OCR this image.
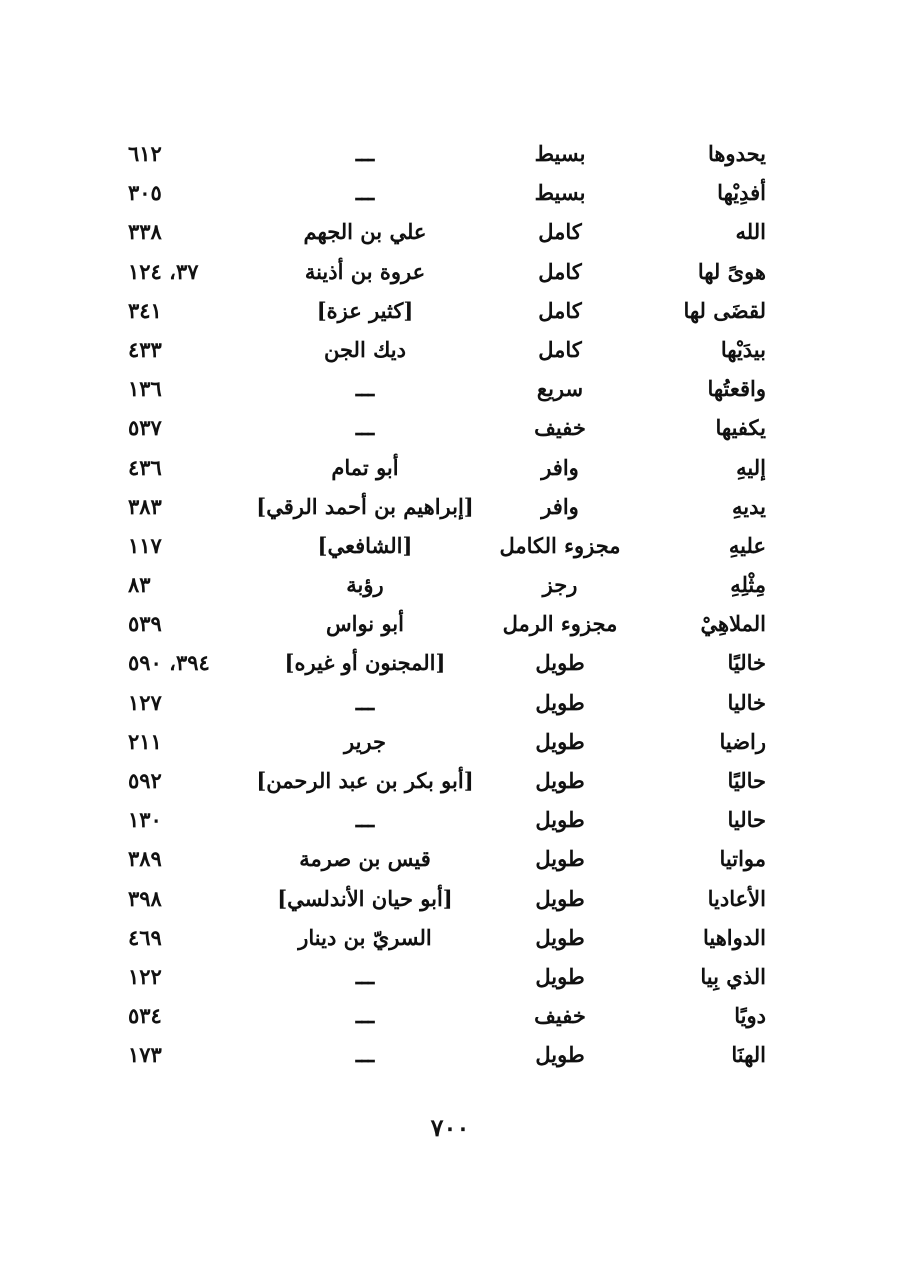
يحدوها
بسيط
ـــ
٦١٢
أفدِيْها
بسيط
ـــ
٣٠٥
الله
كامل
علي بن الجهم
٣٣٨
هوىً لها
كامل
عروة بن أذينة
٣٧، ١٢٤
لقضَى لها
كامل
[كثير عزة]
٣٤١
بيدَيْها
كامل
ديك الجن
٤٣٣
واقعتُها
سريع
ـــ
١٣٦
يكفيها
خفيف
ـــ
٥٣٧
إليهِ
وافر
أبو تمام
٤٣٦
يديهِ
وافر
[إبراهيم بن أحمد الرقي]
٣٨٣
عليهِ
مجزوء الكامل
[الشافعي]
١١٧
مِثْلِهِ
رجز
رؤبة
٨٣
الملاهِيْ
مجزوء الرمل
أبو نواس
٥٣٩
خاليًا
طويل
[المجنون أو غيره]
٣٩٤، ٥٩٠
خاليا
طويل
ـــ
١٢٧
راضيا
طويل
جرير
٢١١
حاليًا
طويل
[أبو بكر بن عبد الرحمن]
٥٩٢
حاليا
طويل
ـــ
١٣٠
مواتيا
طويل
قيس بن صرمة
٣٨٩
الأعاديا
طويل
[أبو حيان الأندلسي]
٣٩٨
الدواهيا
طويل
السريّ بن دينار
٤٦٩
الذي بِيا
طويل
ـــ
١٢٢
دويًا
خفيف
ـــ
٥٣٤
الهنَا
طويل
ـــ
١٧٣
٧٠٠
